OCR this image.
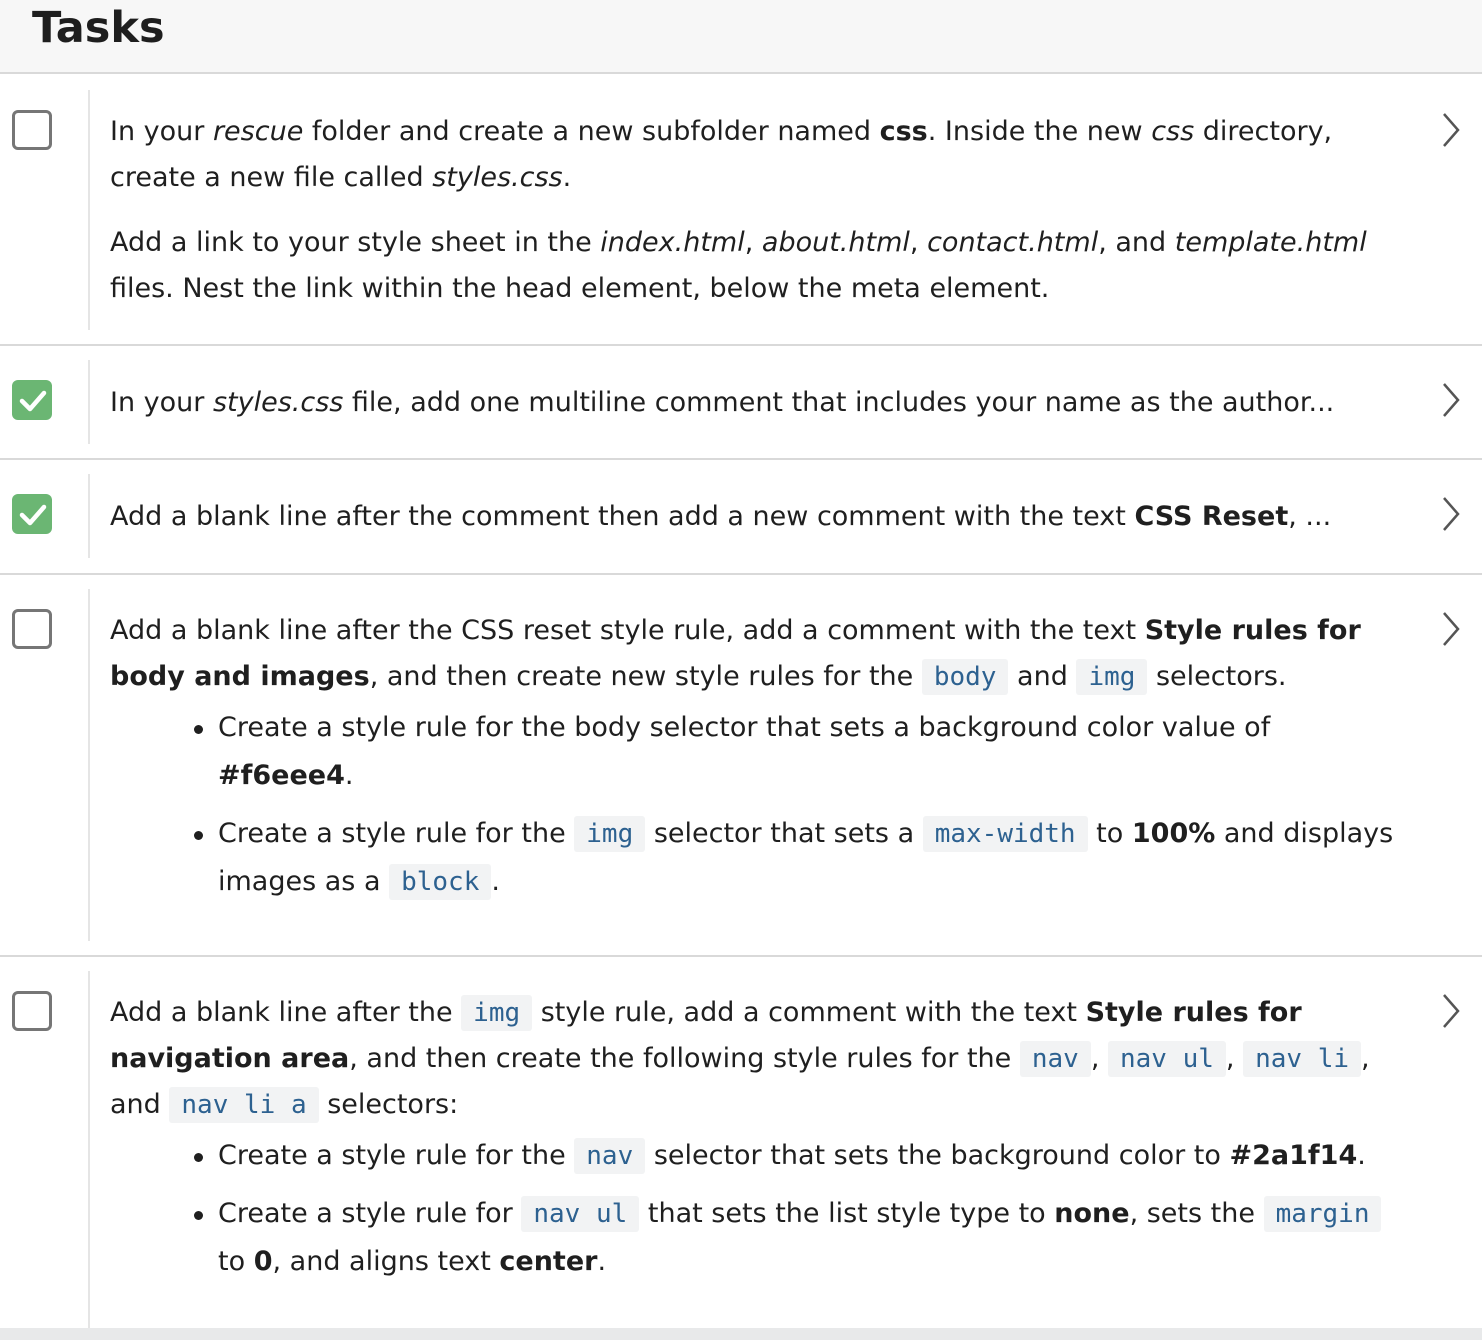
Tasks

In your rescue folder and create a new subfolder named css. Inside the new css directory, create a new file called styles.css.

Add a link to your style sheet in the index.html, about.html, contact.html, and template.html files. Nest the link within the head element, below the meta element.

In your styles.css file, add one multiline comment that includes your name as the author...
Add a blank line after the comment then add a new comment with the text CSS Reset, ...

Add a blank line after the CSS reset style rule, add a comment with the text Style rules for body and images, and then create new style rules for the body and img selectors.

Create a style rule for the body selector that sets a background color value of #f6eee4.
Create a style rule for the img selector that sets a max-width to 100% and displays images as a block .

Add a blank line after the img style rule, add a comment with the text Style rules for navigation area, and then create the following style rules for the nav , nav ul , nav li , and nav li a selectors:

Create a style rule for the nav selector that sets the background color to #2a1f14.
Create a style rule for nav ul that sets the list style type to none, sets the margin to 0, and aligns text center.
